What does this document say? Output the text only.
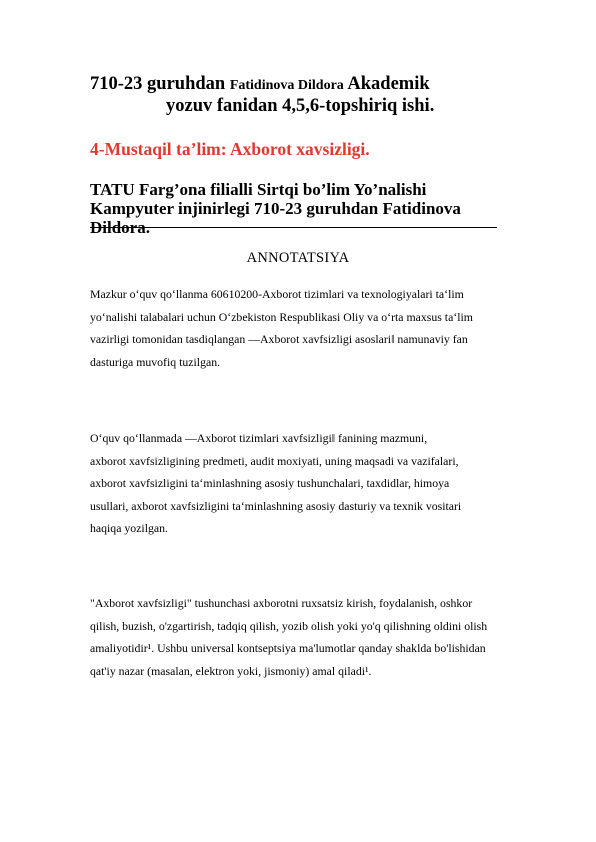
710-23 guruhdan Fatidinova Dildora Akademik
yozuv fanidan 4,5,6-topshiriq ishi.
4-Mustaqil ta’lim: Axborot xavsizligi.
TATU Farg’ona filialli Sirtqi bo’lim Yo’nalishi Kampyuter injinirlegi 710-23 guruhdan Fatidinova Dildora.
ANNOTATSIYA
Mazkur o‘quv qo‘llanma 60610200-Axborot tizimlari va texnologiyalari ta‘lim
yo‘nalishi talabalari uchun O‘zbekiston Respublikasi Oliy va o‘rta maxsus ta‘lim
vazirligi tomonidan tasdiqlangan ―Axborot xavfsizligi asoslari‖ namunaviy fan
dasturiga muvofiq tuzilgan.
O‘quv qo‘llanmada ―Axborot tizimlari xavfsizligi‖ fanining mazmuni,
axborot xavfsizligining predmeti, audit moxiyati, uning maqsadi va vazifalari,
axborot xavfsizligini ta‘minlashning asosiy tushunchalari, taxdidlar, himoya
usullari, axborot xavfsizligini ta‘minlashning asosiy dasturiy va texnik vositari
haqiqa yozilgan.
"Axborot xavfsizligi" tushunchasi axborotni ruxsatsiz kirish, foydalanish, oshkor
qilish, buzish, o'zgartirish, tadqiq qilish, yozib olish yoki yo'q qilishning oldini olish
amaliyotidir¹. Ushbu universal kontseptsiya ma'lumotlar qanday shaklda bo'lishidan
qat'iy nazar (masalan, elektron yoki, jismoniy) amal qiladi¹.
